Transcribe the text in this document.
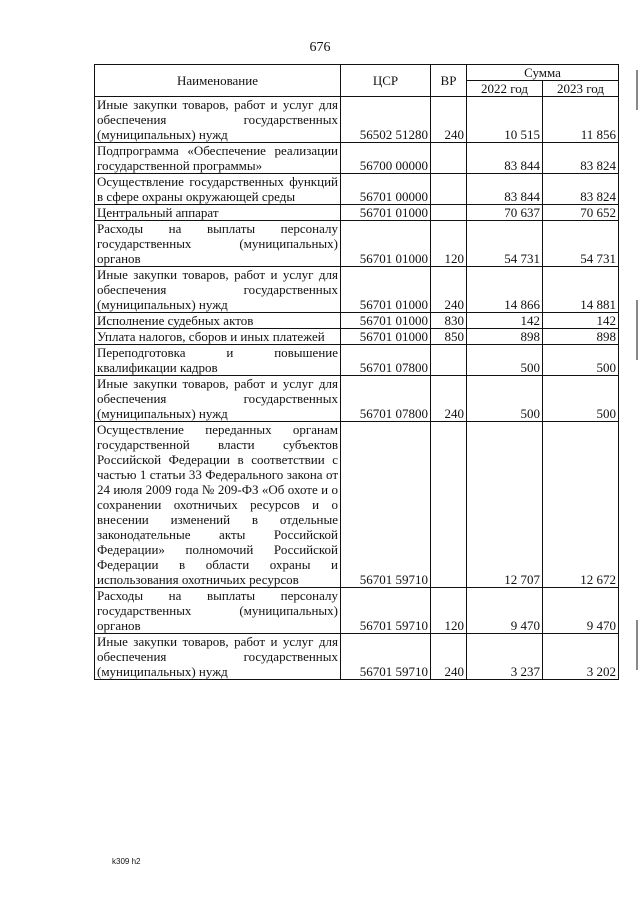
676
Наименование	ЦСР	ВР	Сумма	
			2022 год	2023 год
Иные закупки товаров, работ и услуг для обеспечения государственных (муниципальных) нужд	56502 51280	240	10 515	11 856
Подпрограмма «Обеспечение реализации государственной программы»	56700 00000		83 844	83 824
Осуществление государственных функций в сфере охраны окружающей среды	56701 00000		83 844	83 824
Центральный аппарат	56701 01000		70 637	70 652
Расходы на выплаты персоналу государственных (муниципальных) органов	56701 01000	120	54 731	54 731
Иные закупки товаров, работ и услуг для обеспечения государственных (муниципальных) нужд	56701 01000	240	14 866	14 881
Исполнение судебных актов	56701 01000	830	142	142
Уплата налогов, сборов и иных платежей	56701 01000	850	898	898
Переподготовка и повышение квалификации кадров	56701 07800		500	500
Иные закупки товаров, работ и услуг для обеспечения государственных (муниципальных) нужд	56701 07800	240	500	500
Осуществление переданных органам государственной власти субъектов Российской Федерации в соответствии с частью 1 статьи 33 Федерального закона от 24 июля 2009 года № 209-ФЗ «Об охоте и о сохранении охотничьих ресурсов и о внесении изменений в отдельные законодательные акты Российской Федерации» полномочий Российской Федерации в области охраны и использования охотничьих ресурсов	56701 59710		12 707	12 672
Расходы на выплаты персоналу государственных (муниципальных) органов	56701 59710	120	9 470	9 470
Иные закупки товаров, работ и услуг для обеспечения государственных (муниципальных) нужд	56701 59710	240	3 237	3 202
k309 h2
